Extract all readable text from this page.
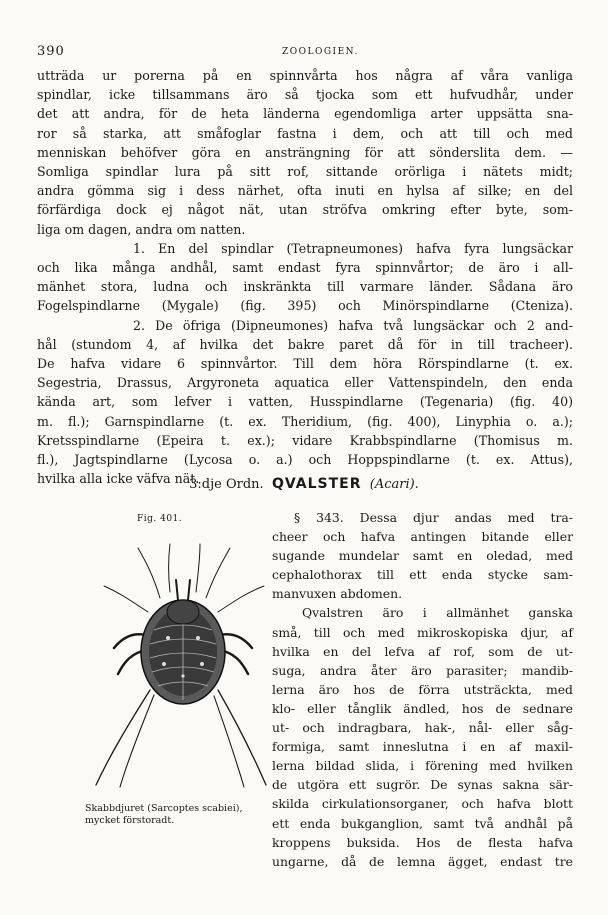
390	ZOOLOGIEN.
utträda ur porerna på en spinnvårta hos några af våra vanliga
spindlar, icke tillsammans äro så tjocka som ett hufvudhår, under
det att andra, för de heta länderna egendomliga arter uppsätta sna-
ror så starka, att småfoglar fastna i dem, och att till och med
menniskan behöfver göra en ansträngning för att sönderslita dem. —
Somliga spindlar lura på sitt rof, sittande orörliga i nätets midt;
andra gömma sig i dess närhet, ofta inuti en hylsa af silke; en del
förfärdiga dock ej något nät, utan ströfva omkring efter byte, som-
liga om dagen, andra om natten.
1. En del spindlar (Tetrapneumones) hafva fyra lungsäckar
och lika många andhål, samt endast fyra spinnvårtor; de äro i all-
mänhet stora, ludna och inskränkta till varmare länder. Sådana äro
Fogelspindlarne (Mygale) (fig. 395) och Minörspindlarne (Cteniza).
2. De öfriga (Dipneumones) hafva två lungsäckar och 2 and-
hål (stundom 4, af hvilka det bakre paret då för in till tracheer).
De hafva vidare 6 spinnvårtor. Till dem höra Rörspindlarne (t. ex.
Segestria, Drassus, Argyroneta aquatica eller Vattenspindeln, den enda
kända art, som lefver i vatten, Husspindlarne (Tegenaria) (fig. 40)
m. fl.); Garnspindlarne (t. ex. Theridium, (fig. 400), Linyphia o. a.);
Kretsspindlarne (Epeira t. ex.); vidare Krabbspindlarne (Thomisus m.
fl.), Jagtspindlarne (Lycosa o. a.) och Hoppspindlarne (t. ex. Attus),
hvilka alla icke väfva nät.
3:dje Ordn. QVALSTER (Acari).
Fig. 401.
Skabbdjuret (Sarcoptes scabiei),
mycket förstoradt.
§ 343. Dessa djur andas med tra-
cheer och hafva antingen bitande eller
sugande mundelar samt en oledad, med
cephalothorax till ett enda stycke sam-
manvuxen abdomen.
Qvalstren äro i allmänhet ganska
små, till och med mikroskopiska djur, af
hvilka en del lefva af rof, som de ut-
suga, andra åter äro parasiter; mandib-
lerna äro hos de förra utsträckta, med
klo- eller tånglik ändled, hos de sednare
ut- och indragbara, hak-, nål- eller såg-
formiga, samt inneslutna i en af maxil-
lerna bildad slida, i förening med hvilken
de utgöra ett sugrör. De synas sakna sär-
skilda cirkulationsorganer, och hafva blott
ett enda bukganglion, samt två andhål på
kroppens buksida. Hos de flesta hafva
ungarne, då de lemna ägget, endast tre
